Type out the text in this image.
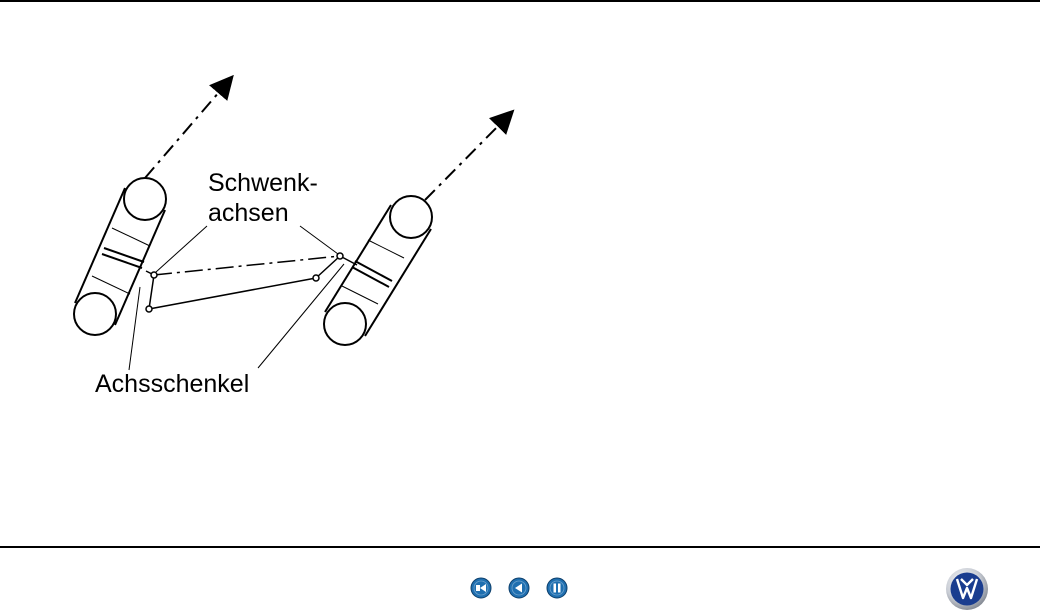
Schwenk-
achsen
Achsschenkel
